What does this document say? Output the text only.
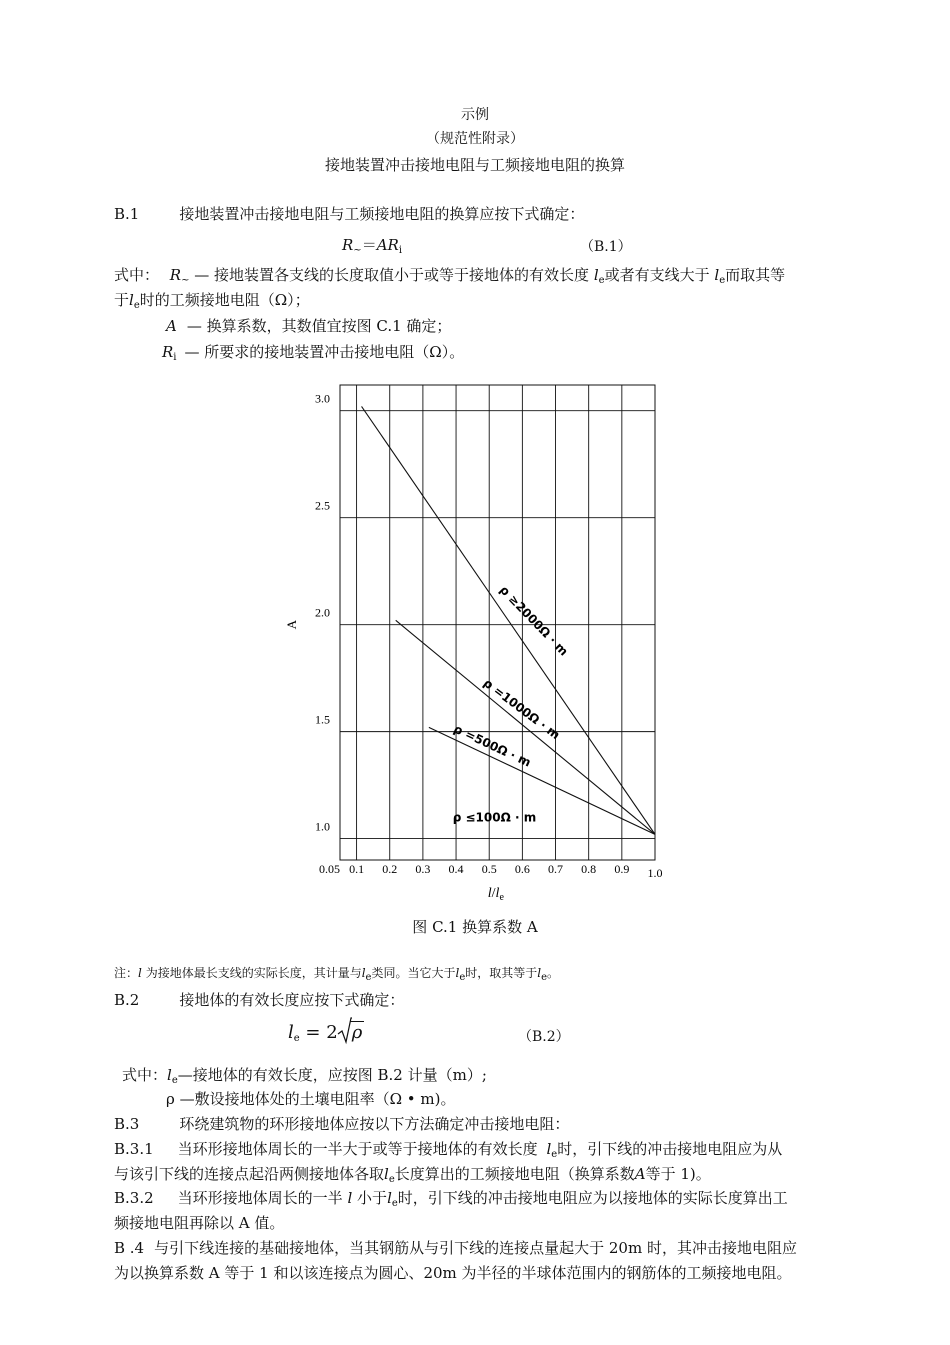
示例
（规范性附录）
接地装置冲击接地电阻与工频接地电阻的换算
B.1	接地装置冲击接地电阻与工频接地电阻的换算应按下式确定：
$R_\sim=AR_i$	（B.1）
式中： $R_\sim$ — 接地装置各支线的长度取值小于或等于接地体的有效长度 $l_e$或者有支线大于 $l_e$而取其等
于$l_e$时的工频接地电阻（Ω）；
A — 换算系数，其数值宜按图 C.1 确定；
$R_i$ — 所要求的接地装置冲击接地电阻（Ω）。
3.0
2.5
2.0
1.5
1.0
0.05 0.1 0.2 0.3 0.4 0.5 0.6 0.7 0.8 0.9 1.0
A
$l/l_e$
ρ ≥2000Ω · m
ρ =1000Ω · m
ρ =500Ω · m
ρ ≤100Ω · m
图 C.1 换算系数 A
注：l 为接地体最长支线的实际长度，其计量与$l_e$类同。当它大于$l_e$时，取其等于$l_e$。
B.2	接地体的有效长度应按下式确定：
$l_e = 2$ ρ	（B.2）
式中：$l_e—$接地体的有效长度，应按图 B.2 计量（m）;
ρ —敷设接地体处的土壤电阻率（Ω • m)。
B.3	环绕建筑物的环形接地体应按以下方法确定冲击接地电阻：
B.3.1 当环形接地体周长的一半大于或等于接地体的有效长度 $l_e$时，引下线的冲击接地电阻应为从
与该引下线的连接点起沿两侧接地体各取$l_e$长度算出的工频接地电阻（换算系数A等于 1)。
B.3.2 当环形接地体周长的一半 l 小于$l_e$时，引下线的冲击接地电阻应为以接地体的实际长度算出工
频接地电阻再除以 A 值。
B .4 与引下线连接的基础接地体，当其钢筋从与引下线的连接点量起大于 20m 时，其冲击接地电阻应
为以换算系数 A 等于 1 和以该连接点为圆心、20m 为半径的半球体范围内的钢筋体的工频接地电阻。
